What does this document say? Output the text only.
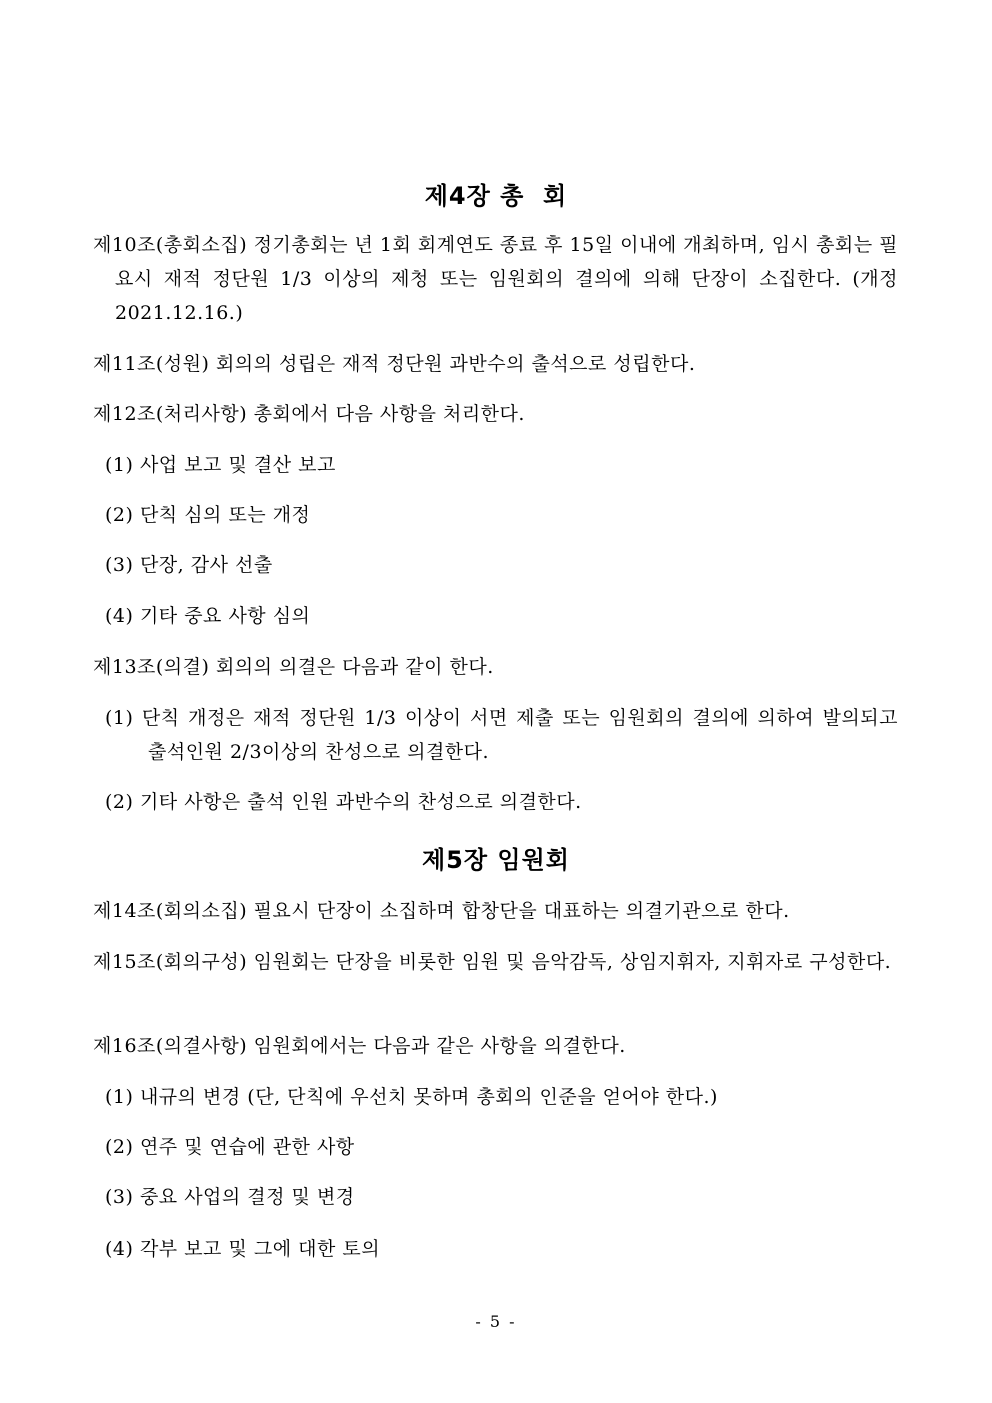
제4장 총  회
제10조(총회소집) 정기총회는 년 1회 회계연도 종료 후 15일 이내에 개최하며, 임시 총회는 필요시 재적 정단원 1/3 이상의 제청 또는 임원회의 결의에 의해 단장이 소집한다. (개정 2021.12.16.)
제11조(성원) 회의의 성립은 재적 정단원 과반수의 출석으로 성립한다.
제12조(처리사항) 총회에서 다음 사항을 처리한다.
(1) 사업 보고 및 결산 보고
(2) 단칙 심의 또는 개정
(3) 단장, 감사 선출
(4) 기타 중요 사항 심의
제13조(의결) 회의의 의결은 다음과 같이 한다.
(1) 단칙 개정은 재적 정단원 1/3 이상이 서면 제출 또는 임원회의 결의에 의하여 발의되고 출석인원 2/3이상의 찬성으로 의결한다.
(2) 기타 사항은 출석 인원 과반수의 찬성으로 의결한다.
제5장 임원회
제14조(회의소집) 필요시 단장이 소집하며 합창단을 대표하는 의결기관으로 한다.
제15조(회의구성) 임원회는 단장을 비롯한 임원 및 음악감독, 상임지휘자, 지휘자로 구성한다.
제16조(의결사항) 임원회에서는 다음과 같은 사항을 의결한다.
(1) 내규의 변경 (단, 단칙에 우선치 못하며 총회의 인준을 얻어야 한다.)
(2) 연주 및 연습에 관한 사항
(3) 중요 사업의 결정 및 변경
(4) 각부 보고 및 그에 대한 토의
- 5 -
